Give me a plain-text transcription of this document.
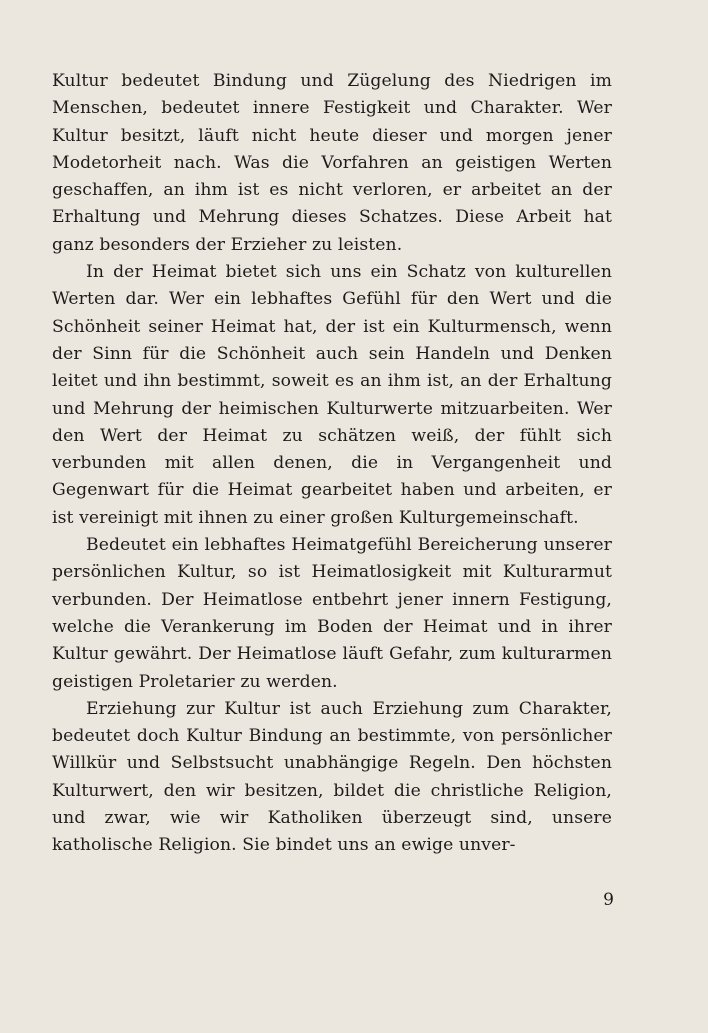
Kultur bedeutet Bindung und Zügelung des Niedrigen im Menschen, bedeutet innere Festigkeit und Charakter. Wer Kultur besitzt, läuft nicht heute dieser und morgen jener Modetorheit nach. Was die Vorfahren an geistigen Werten geschaffen, an ihm ist es nicht verloren, er arbeitet an der Erhaltung und Mehrung dieses Schatzes. Diese Arbeit hat ganz besonders der Erzieher zu leisten.

In der Heimat bietet sich uns ein Schatz von kulturellen Werten dar. Wer ein lebhaftes Gefühl für den Wert und die Schönheit seiner Heimat hat, der ist ein Kulturmensch, wenn der Sinn für die Schönheit auch sein Handeln und Denken leitet und ihn bestimmt, soweit es an ihm ist, an der Erhaltung und Mehrung der heimischen Kulturwerte mitzuarbeiten. Wer den Wert der Heimat zu schätzen weiß, der fühlt sich verbunden mit allen denen, die in Vergangenheit und Gegenwart für die Heimat gearbeitet haben und arbeiten, er ist vereinigt mit ihnen zu einer großen Kulturgemeinschaft.

Bedeutet ein lebhaftes Heimatgefühl Bereicherung unserer persönlichen Kultur, so ist Heimatlosigkeit mit Kulturarmut verbunden. Der Heimatlose entbehrt jener innern Festigung, welche die Verankerung im Boden der Heimat und in ihrer Kultur gewährt. Der Heimatlose läuft Gefahr, zum kulturarmen geistigen Proletarier zu werden.

Erziehung zur Kultur ist auch Erziehung zum Charakter, bedeutet doch Kultur Bindung an bestimmte, von persönlicher Willkür und Selbstsucht unabhängige Regeln. Den höchsten Kulturwert, den wir besitzen, bildet die christliche Religion, und zwar, wie wir Katholiken überzeugt sind, unsere katholische Religion. Sie bindet uns an ewige unver-

9
